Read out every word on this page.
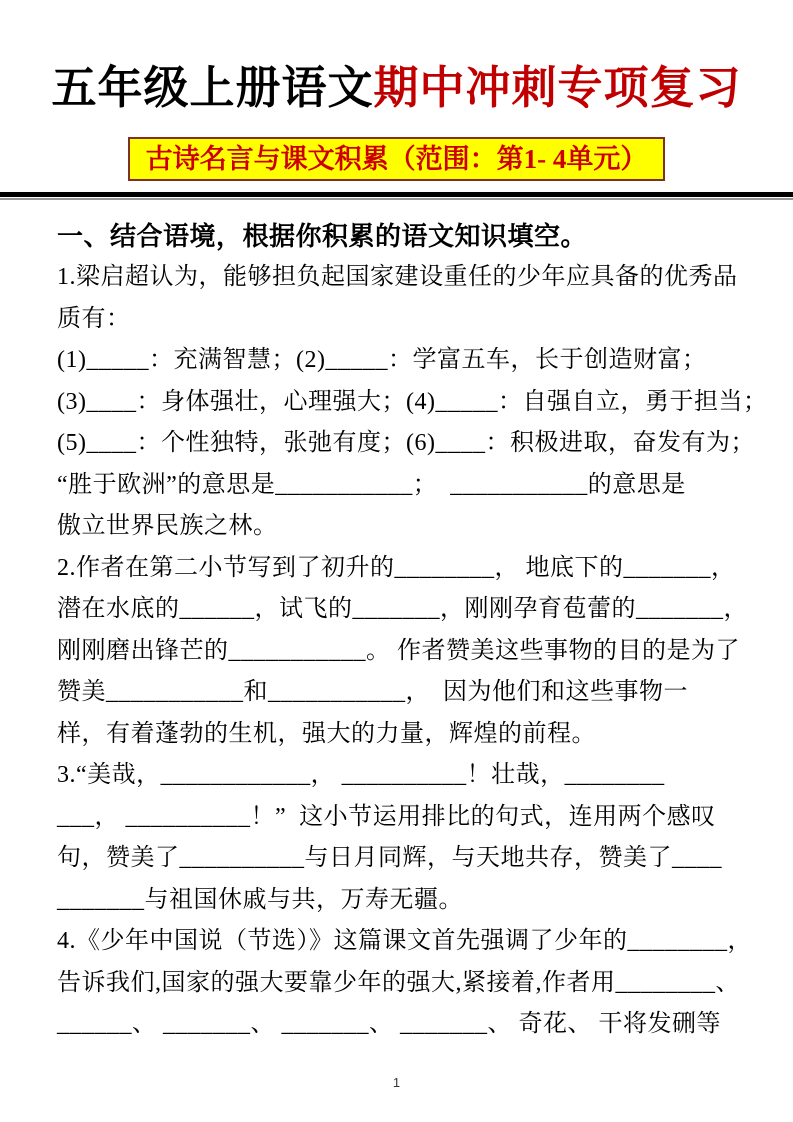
五年级上册语文期中冲刺专项复习
古诗名言与课文积累（范围：第1- 4单元）
一、结合语境，根据你积累的语文知识填空。
1.梁启超认为，能够担负起国家建设重任的少年应具备的优秀品
质有：
(1)_____：充满智慧；(2)_____：学富五车，长于创造财富；
(3)____：身体强壮，心理强大；(4)_____：自强自立，勇于担当；
(5)____：个性独特，张弛有度；(6)____：积极进取，奋发有为；
“胜于欧洲”的意思是___________；  ___________的意思是
傲立世界民族之林。
2.作者在第二小节写到了初升的________， 地底下的_______，
潜在水底的______，试飞的_______，刚刚孕育苞蕾的_______，
刚刚磨出锋芒的___________。 作者赞美这些事物的目的是为了
赞美___________和___________，  因为他们和这些事物一
样，有着蓬勃的生机，强大的力量，辉煌的前程。
3.“美哉，____________， __________！壮哉，________
___， __________！”  这小节运用排比的句式，连用两个感叹
句，赞美了__________与日月同辉，与天地共存，赞美了____
_______与祖国休戚与共，万寿无疆。
4.《少年中国说（节选）》这篇课文首先强调了少年的________，
告诉我们,国家的强大要靠少年的强大,紧接着,作者用________、
______、 _______、 _______、 _______、 奇花、 干将发硎等
1
